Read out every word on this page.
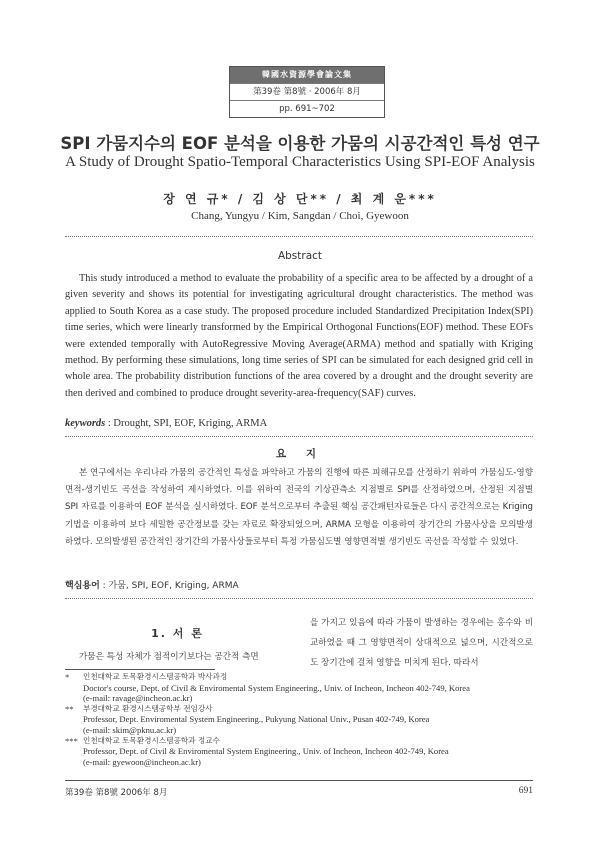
韓國水資源學會論文集
第39卷 第8號 · 2006年 8月
pp. 691~702
SPI 가뭄지수의 EOF 분석을 이용한 가뭄의 시공간적인 특성 연구
A Study of Drought Spatio-Temporal Characteristics Using SPI-EOF Analysis
장 연 규* / 김 상 단** / 최 계 운***
Chang, Yungyu / Kim, Sangdan / Choi, Gyewoon
Abstract
This study introduced a method to evaluate the probability of a specific area to be affected by a drought of a given severity and shows its potential for investigating agricultural drought characteristics. The method was applied to South Korea as a case study. The proposed procedure included Standardized Precipitation Index(SPI) time series, which were linearly transformed by the Empirical Orthogonal Functions(EOF) method. These EOFs were extended temporally with AutoRegressive Moving Average(ARMA) method and spatially with Kriging method. By performing these simulations, long time series of SPI can be simulated for each designed grid cell in whole area. The probability distribution functions of the area covered by a drought and the drought severity are then derived and combined to produce drought severity-area-frequency(SAF) curves.
keywords : Drought, SPI, EOF, Kriging, ARMA
요 지
본 연구에서는 우리나라 가뭄의 공간적인 특성을 파악하고 가뭄의 진행에 따른 피해규모를 산정하기 위하여 가뭄심도-영향면적-생기빈도 곡선을 작성하여 제시하였다. 이를 위하여 전국의 기상관측소 지점별로 SPI를 산정하였으며, 산정된 지점별 SPI 자료를 이용하여 EOF 분석을 실시하였다. EOF 분석으로부터 추출된 핵심 공간패턴자료들은 다시 공간적으로는 Kriging 기법을 이용하여 보다 세밀한 공간정보를 갖는 자료로 확장되었으며, ARMA 모형을 이용하여 장기간의 가뭄사상을 모의발생하였다. 모의발생된 공간적인 장기간의 가뭄사상들로부터 특정 가뭄심도별 영향면적별 생기빈도 곡선을 작성할 수 있었다.
핵심용어 : 가뭄, SPI, EOF, Kriging, ARMA
1. 서 론
가뭄은 특성 자체가 점적이기보다는 공간적 측면
을 가지고 있음에 따라 가뭄이 발생하는 경우에는 홍수와 비교하였을 때 그 영향면적이 상대적으로 넓으며, 시간적으로도 장기간에 걸쳐 영향을 미치게 된다. 따라서
* 인천대학교 토목환경시스템공학과 박사과정
Doctor's course, Dept. of Civil & Enviromental System Engineering., Univ. of Incheon, Incheon 402-749, Korea
(e-mail: ravage@incheon.ac.kr)
** 부경대학교 환경시스템공학부 전임강사
Professor, Dept. Enviromental System Engineering., Pukyung National Univ., Pusan 402-749, Korea
(e-mail: skim@pknu.ac.kr)
*** 인천대학교 토목환경시스템공학과 정교수
Professor, Dept. of Civil & Enviromental System Engineering., Univ. of Incheon, Incheon 402-749, Korea
(e-mail: gyewoon@incheon.ac.kr)
第39卷 第8號 2006年 8月	691
